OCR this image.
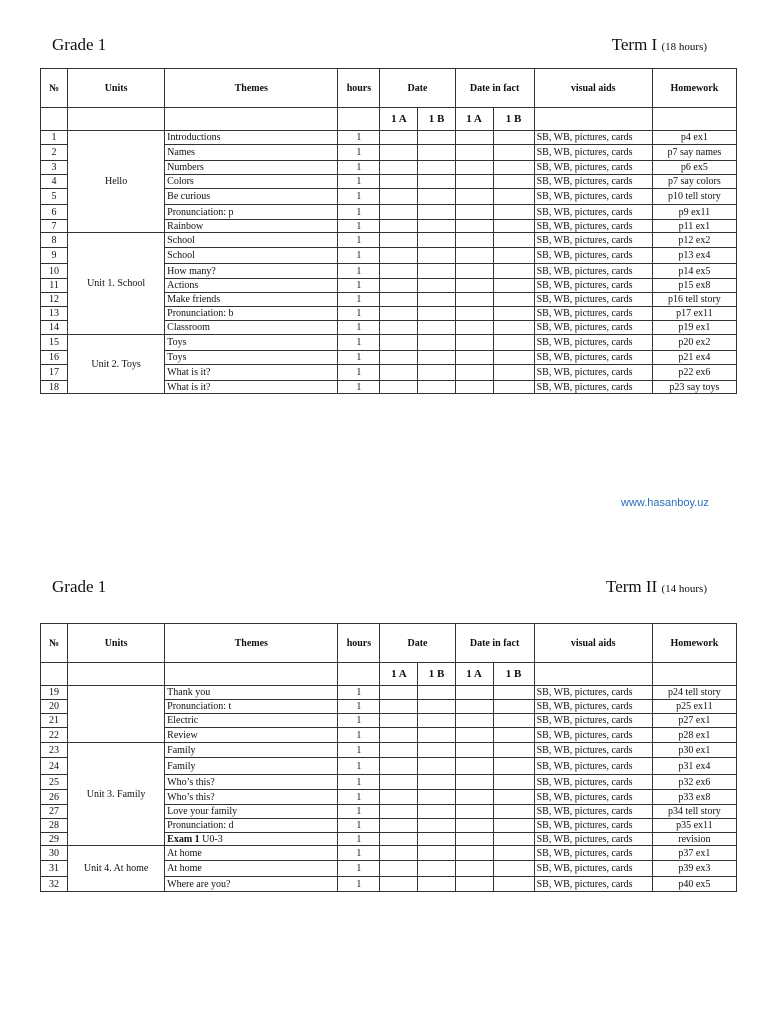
Grade 1	Term I (18 hours)
№	Units	Themes	hours	Date		Date in fact		visual aids	Homework
				1 A	1 B	1 A	1 B		
1	Hello	Introductions	1					SB, WB, pictures, cards	p4 ex1
2		Names	1					SB, WB, pictures, cards	p7 say names
3		Numbers	1					SB, WB, pictures, cards	p6 ex5
4		Colors	1					SB, WB, pictures, cards	p7 say colors
5		Be curious	1					SB, WB, pictures, cards	p10 tell story
6		Pronunciation: p	1					SB, WB, pictures, cards	p9 ex11
7		Rainbow	1					SB, WB, pictures, cards	p11 ex1
8	Unit 1. School	School	1					SB, WB, pictures, cards	p12 ex2
9		School	1					SB, WB, pictures, cards	p13 ex4
10		How many?	1					SB, WB, pictures, cards	p14 ex5
11		Actions	1					SB, WB, pictures, cards	p15 ex8
12		Make friends	1					SB, WB, pictures, cards	p16 tell story
13		Pronunciation: b	1					SB, WB, pictures, cards	p17 ex11
14		Classroom	1					SB, WB, pictures, cards	p19 ex1
15	Unit 2. Toys	Toys	1					SB, WB, pictures, cards	p20 ex2
16		Toys	1					SB, WB, pictures, cards	p21 ex4
17		What is it?	1					SB, WB, pictures, cards	p22 ex6
18		What is it?	1					SB, WB, pictures, cards	p23 say toys
www.hasanboy.uz
Grade 1	Term II (14 hours)
№	Units	Themes	hours	Date		Date in fact		visual aids	Homework
				1 A	1 B	1 A	1 B		
19		Thank you	1					SB, WB, pictures, cards	p24 tell story
20		Pronunciation: t	1					SB, WB, pictures, cards	p25 ex11
21		Electric	1					SB, WB, pictures, cards	p27 ex1
22		Review	1					SB, WB, pictures, cards	p28 ex1
23	Unit 3. Family	Family	1					SB, WB, pictures, cards	p30 ex1
24		Family	1					SB, WB, pictures, cards	p31 ex4
25		Who’s this?	1					SB, WB, pictures, cards	p32 ex6
26		Who’s this?	1					SB, WB, pictures, cards	p33 ex8
27		Love your family	1					SB, WB, pictures, cards	p34 tell story
28		Pronunciation: d	1					SB, WB, pictures, cards	p35 ex11
29		Exam 1 U0-3	1					SB, WB, pictures, cards	revision
30	Unit 4. At home	At home	1					SB, WB, pictures, cards	p37 ex1
31		At home	1					SB, WB, pictures, cards	p39 ex3
32		Where are you?	1					SB, WB, pictures, cards	p40 ex5
